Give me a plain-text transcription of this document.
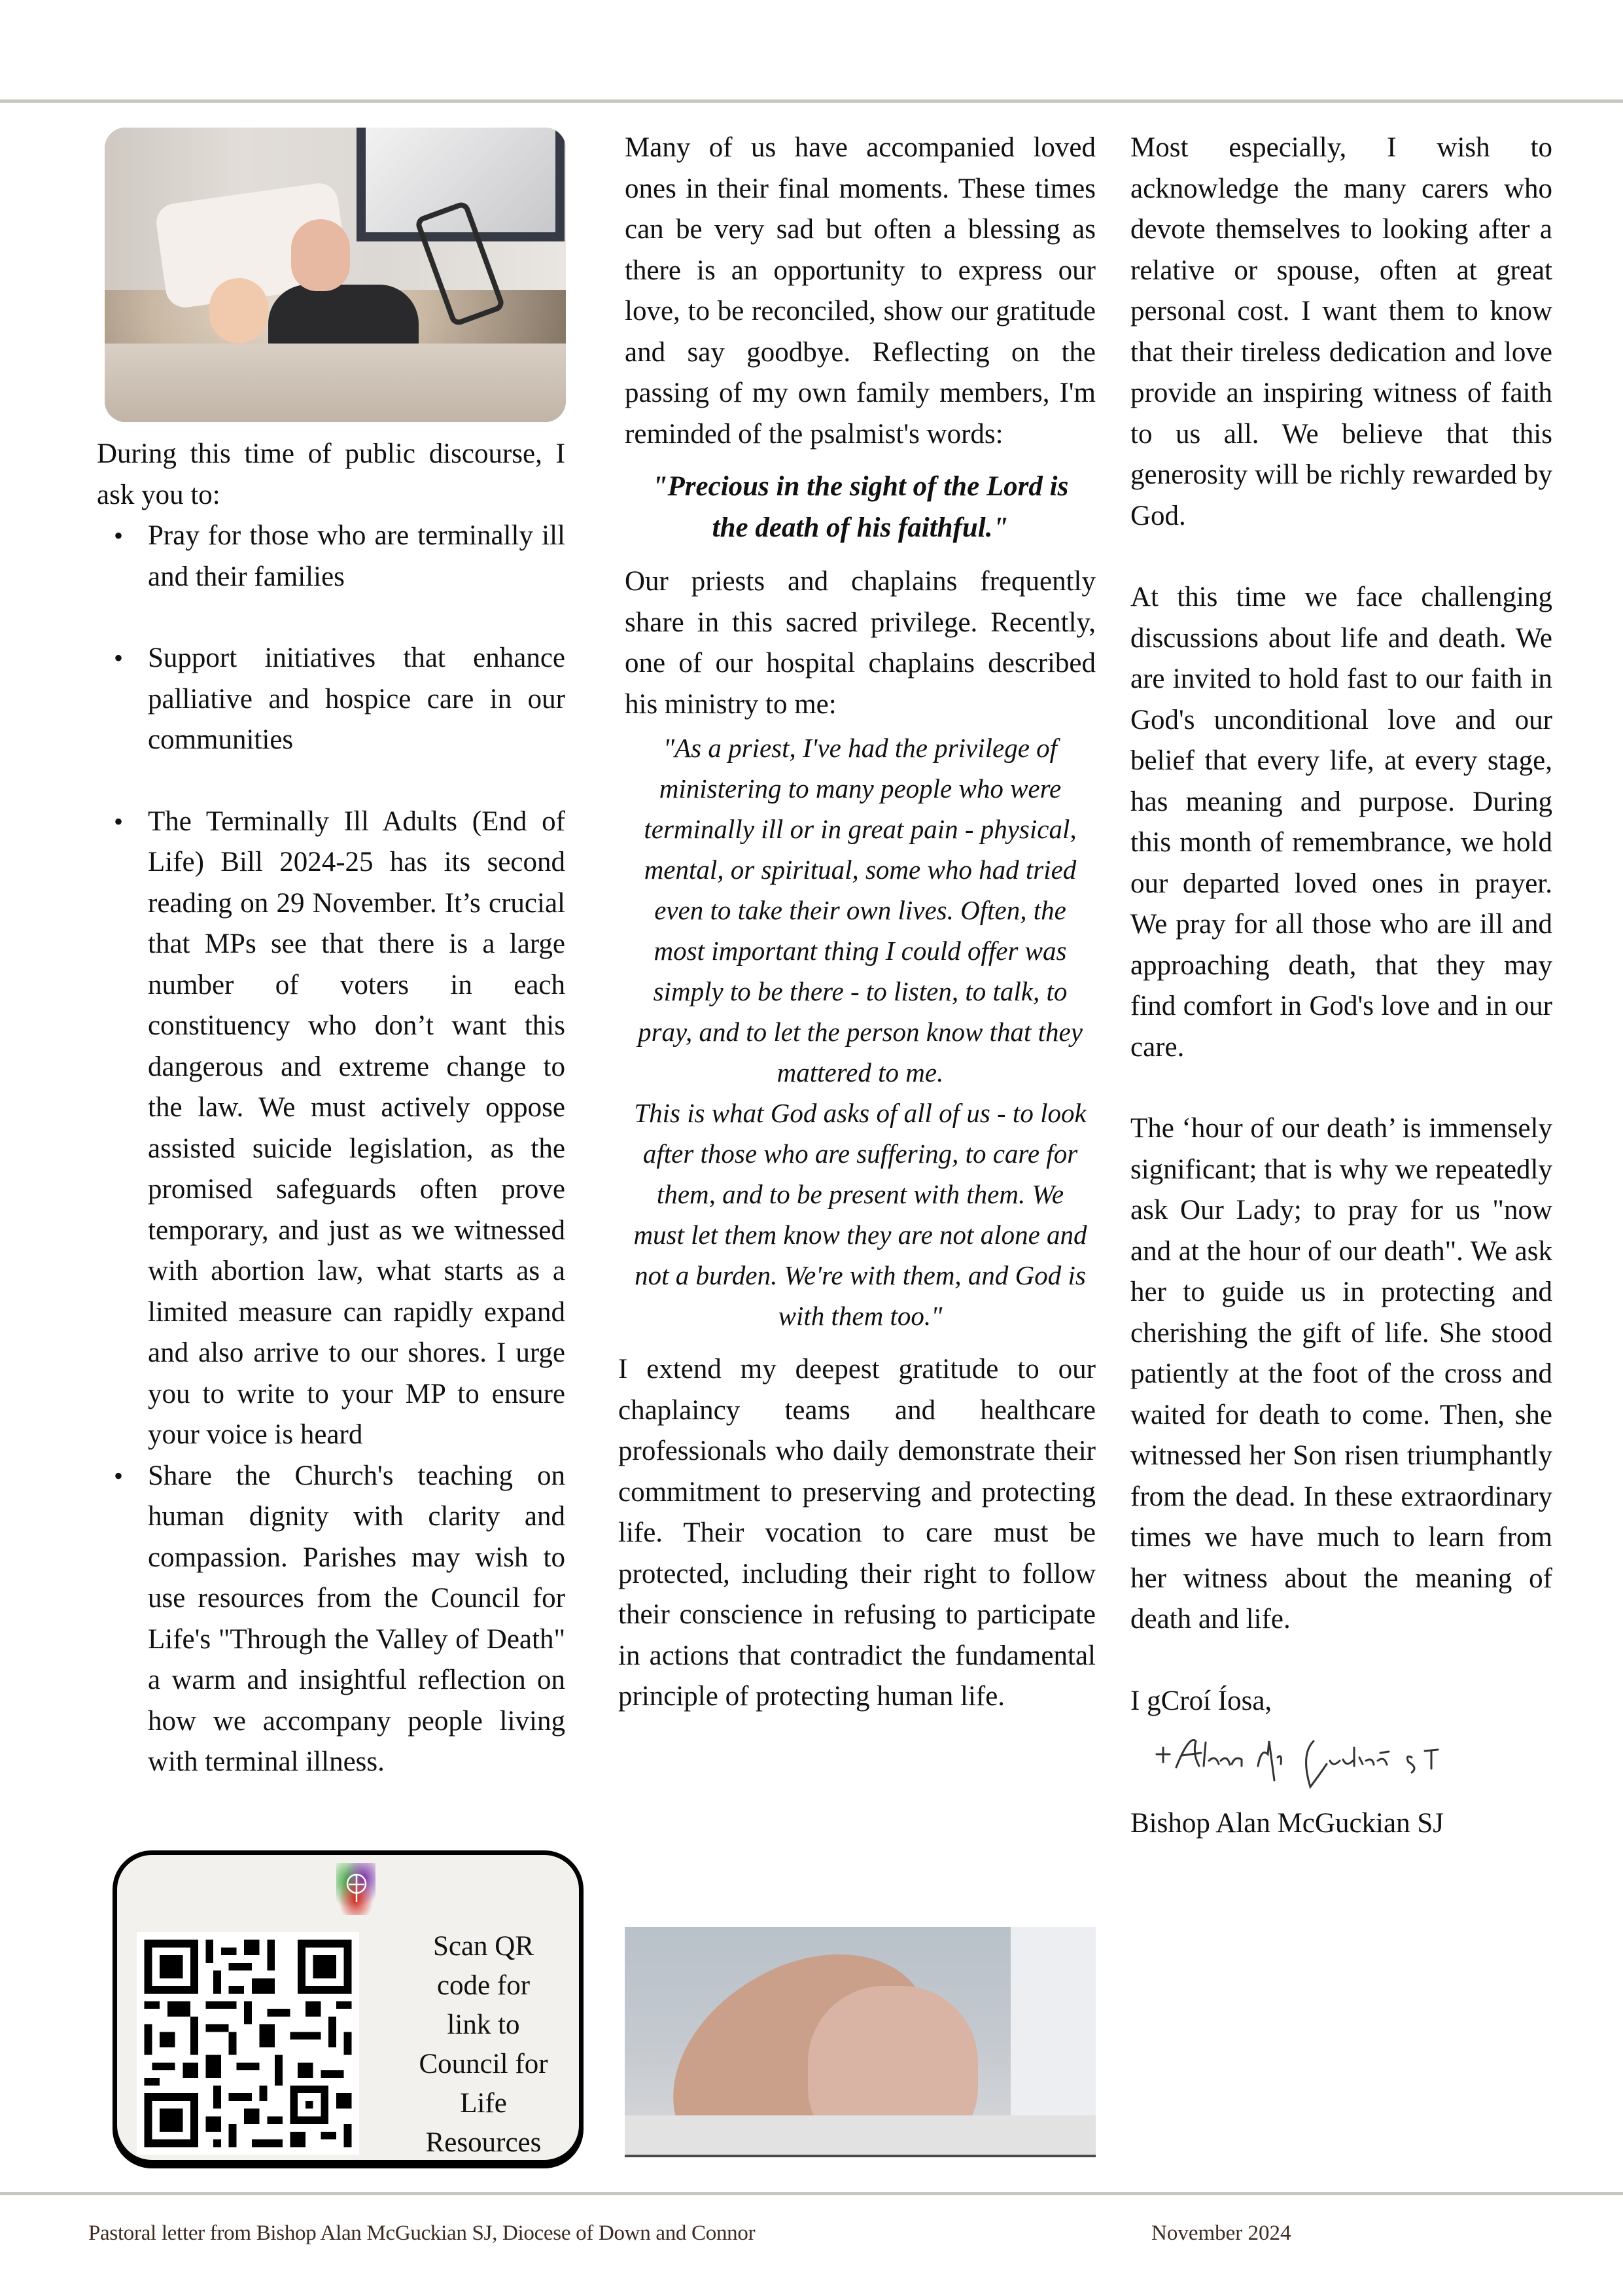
During this time of public discourse, I ask you to:

• Pray for those who are terminally ill and their families
• Support initiatives that enhance palliative and hospice care in our communities
• The Terminally Ill Adults (End of Life) Bill 2024-25 has its second reading on 29 November. It’s crucial that MPs see that there is a large number of voters in each constituency who don’t want this dangerous and extreme change to the law. We must actively oppose assisted suicide legislation, as the promised safeguards often prove temporary, and just as we witnessed with abortion law, what starts as a limited measure can rapidly expand and also arrive to our shores. I urge you to write to your MP to ensure your voice is heard
• Share the Church's teaching on human dignity with clarity and compassion. Parishes may wish to use resources from the Council for Life's "Through the Valley of Death" a warm and insightful reflection on how we accompany people living with terminal illness.
Scan QR
code for
link to
Council for
Life
Resources

Many of us have accompanied loved ones in their final moments. These times can be very sad but often a blessing as there is an opportunity to express our love, to be reconciled, show our gratitude and say goodbye. Reflecting on the passing of my own family members, I'm reminded of the psalmist's words:

"Precious in the sight of the Lord is the death of his faithful."

Our priests and chaplains frequently share in this sacred privilege. Recently, one of our hospital chaplains described his ministry to me:

"As a priest, I've had the privilege of ministering to many people who were terminally ill or in great pain - physical, mental, or spiritual, some who had tried even to take their own lives. Often, the most important thing I could offer was simply to be there - to listen, to talk, to pray, and to let the person know that they mattered to me.

This is what God asks of all of us - to look after those who are suffering, to care for them, and to be present with them. We must let them know they are not alone and not a burden. We're with them, and God is with them too."

I extend my deepest gratitude to our chaplaincy teams and healthcare professionals who daily demonstrate their commitment to preserving and protecting life. Their vocation to care must be protected, including their right to follow their conscience in refusing to participate in actions that contradict the fundamental principle of protecting human life.

Most especially, I wish to acknowledge the many carers who devote themselves to looking after a relative or spouse, often at great personal cost. I want them to know that their tireless dedication and love provide an inspiring witness of faith to us all. We believe that this generosity will be richly rewarded by God.

At this time we face challenging discussions about life and death. We are invited to hold fast to our faith in God's unconditional love and our belief that every life, at every stage, has meaning and purpose. During this month of remembrance, we hold our departed loved ones in prayer. We pray for all those who are ill and approaching death, that they may find comfort in God's love and in our care.

The ‘hour of our death’ is immensely significant; that is why we repeatedly ask Our Lady; to pray for us "now and at the hour of our death". We ask her to guide us in protecting and cherishing the gift of life. She stood patiently at the foot of the cross and waited for death to come. Then, she witnessed her Son risen triumphantly from the dead. In these extraordinary times we have much to learn from her witness about the meaning of death and life.

I gCroí Íosa,

Bishop Alan McGuckian SJ

Pastoral letter from Bishop Alan McGuckian SJ, Diocese of Down and Connor	November 2024
